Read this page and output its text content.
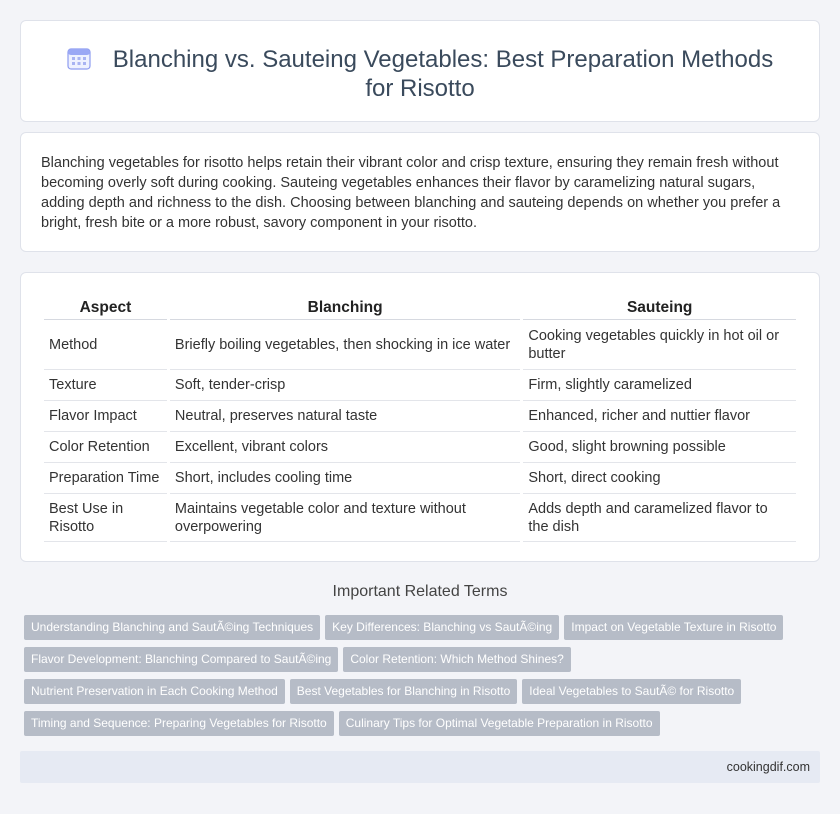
Blanching vs. Sauteing Vegetables: Best Preparation Methods for Risotto

Blanching vegetables for risotto helps retain their vibrant color and crisp texture, ensuring they remain fresh without becoming overly soft during cooking. Sauteing vegetables enhances their flavor by caramelizing natural sugars, adding depth and richness to the dish. Choosing between blanching and sauteing depends on whether you prefer a bright, fresh bite or a more robust, savory component in your risotto.

Aspect	Blanching	Sauteing
Method	Briefly boiling vegetables, then shocking in ice water	Cooking vegetables quickly in hot oil or butter
Texture	Soft, tender-crisp	Firm, slightly caramelized
Flavor Impact	Neutral, preserves natural taste	Enhanced, richer and nuttier flavor
Color Retention	Excellent, vibrant colors	Good, slight browning possible
Preparation Time	Short, includes cooling time	Short, direct cooking
Best Use in Risotto	Maintains vegetable color and texture without overpowering	Adds depth and caramelized flavor to the dish
Important Related Terms
Understanding Blanching and SautÃ©ing Techniques Key Differences: Blanching vs SautÃ©ing Impact on Vegetable Texture in Risotto
Flavor Development: Blanching Compared to SautÃ©ing Color Retention: Which Method Shines?
Nutrient Preservation in Each Cooking Method Best Vegetables for Blanching in Risotto Ideal Vegetables to SautÃ© for Risotto
Timing and Sequence: Preparing Vegetables for Risotto Culinary Tips for Optimal Vegetable Preparation in Risotto
cookingdif.com
